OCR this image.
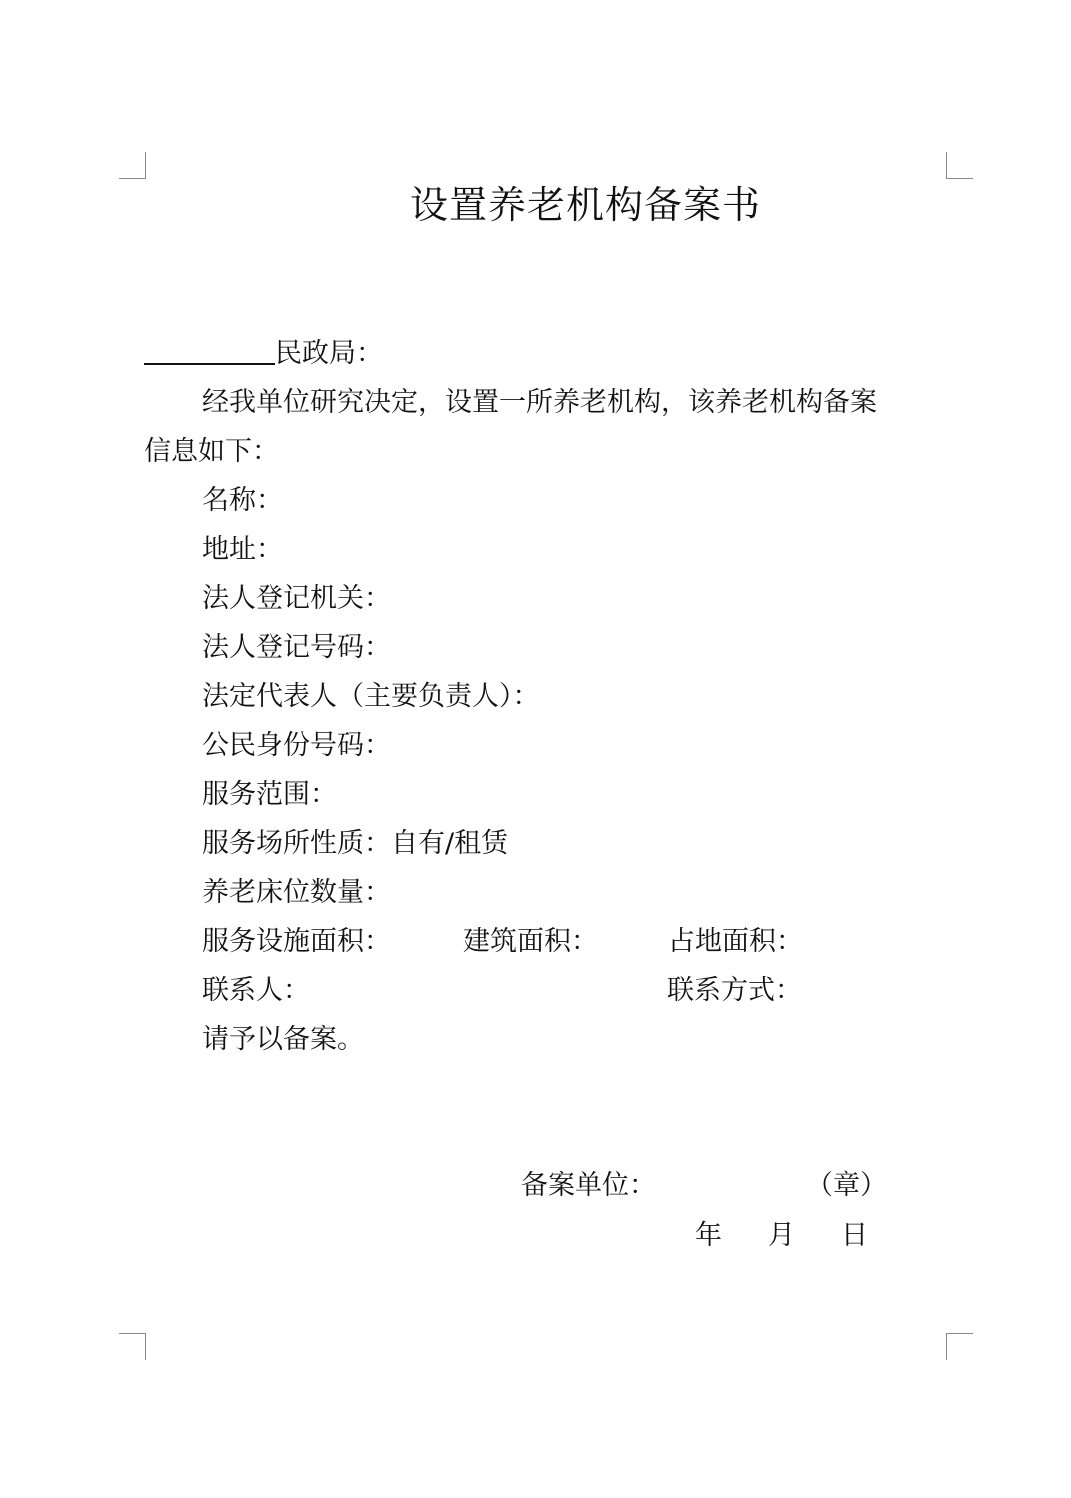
设置养老机构备案书
民政局：
经我单位研究决定，设置一所养老机构，该养老机构备案
信息如下：
名称：
地址：
法人登记机关：
法人登记号码：
法定代表人（主要负责人）：
公民身份号码：
服务范围：
服务场所性质：自有/租赁
养老床位数量：
服务设施面积：	建筑面积：	占地面积：
联系人：	联系方式：
请予以备案。
备案单位：	（章）
年 月 日
